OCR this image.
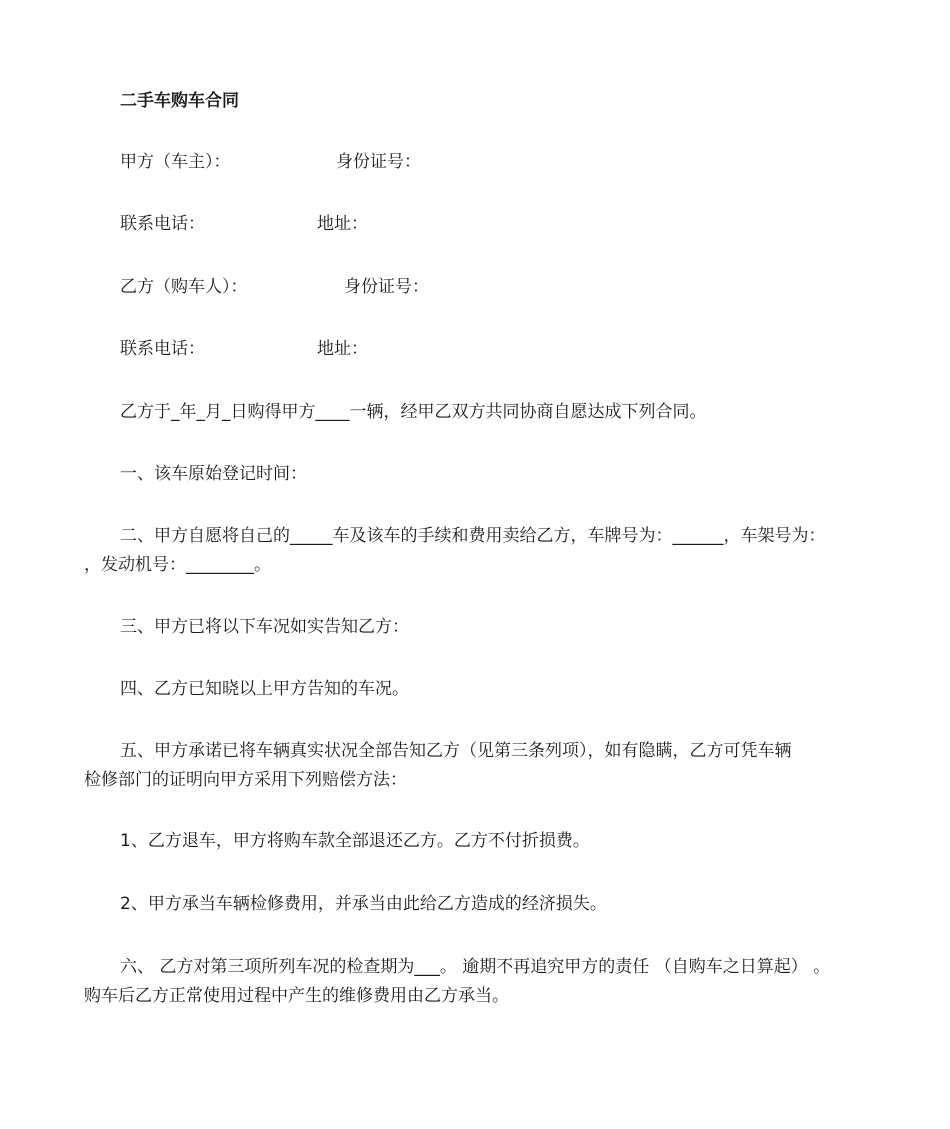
二手车购车合同
甲方（车主）：	身份证号：
联系电话：	地址：
乙方（购车人）：	身份证号：
联系电话：	地址：
乙方于_年_月_日购得甲方____一辆，经甲乙双方共同协商自愿达成下列合同。
一、该车原始登记时间：
二、甲方自愿将自己的_____车及该车的手续和费用卖给乙方，车牌号为：______，车架号为：
，发动机号：________。
三、甲方已将以下车况如实告知乙方：
四、乙方已知晓以上甲方告知的车况。
五、甲方承诺已将车辆真实状况全部告知乙方（见第三条列项），如有隐瞒，乙方可凭车辆
检修部门的证明向甲方采用下列赔偿方法：
1、乙方退车，甲方将购车款全部退还乙方。乙方不付折损费。
2、甲方承当车辆检修费用，并承当由此给乙方造成的经济损失。
六、 乙方对第三项所列车况的检查期为___。 逾期不再追究甲方的责任 （自购车之日算起） 。
购车后乙方正常使用过程中产生的维修费用由乙方承当。
